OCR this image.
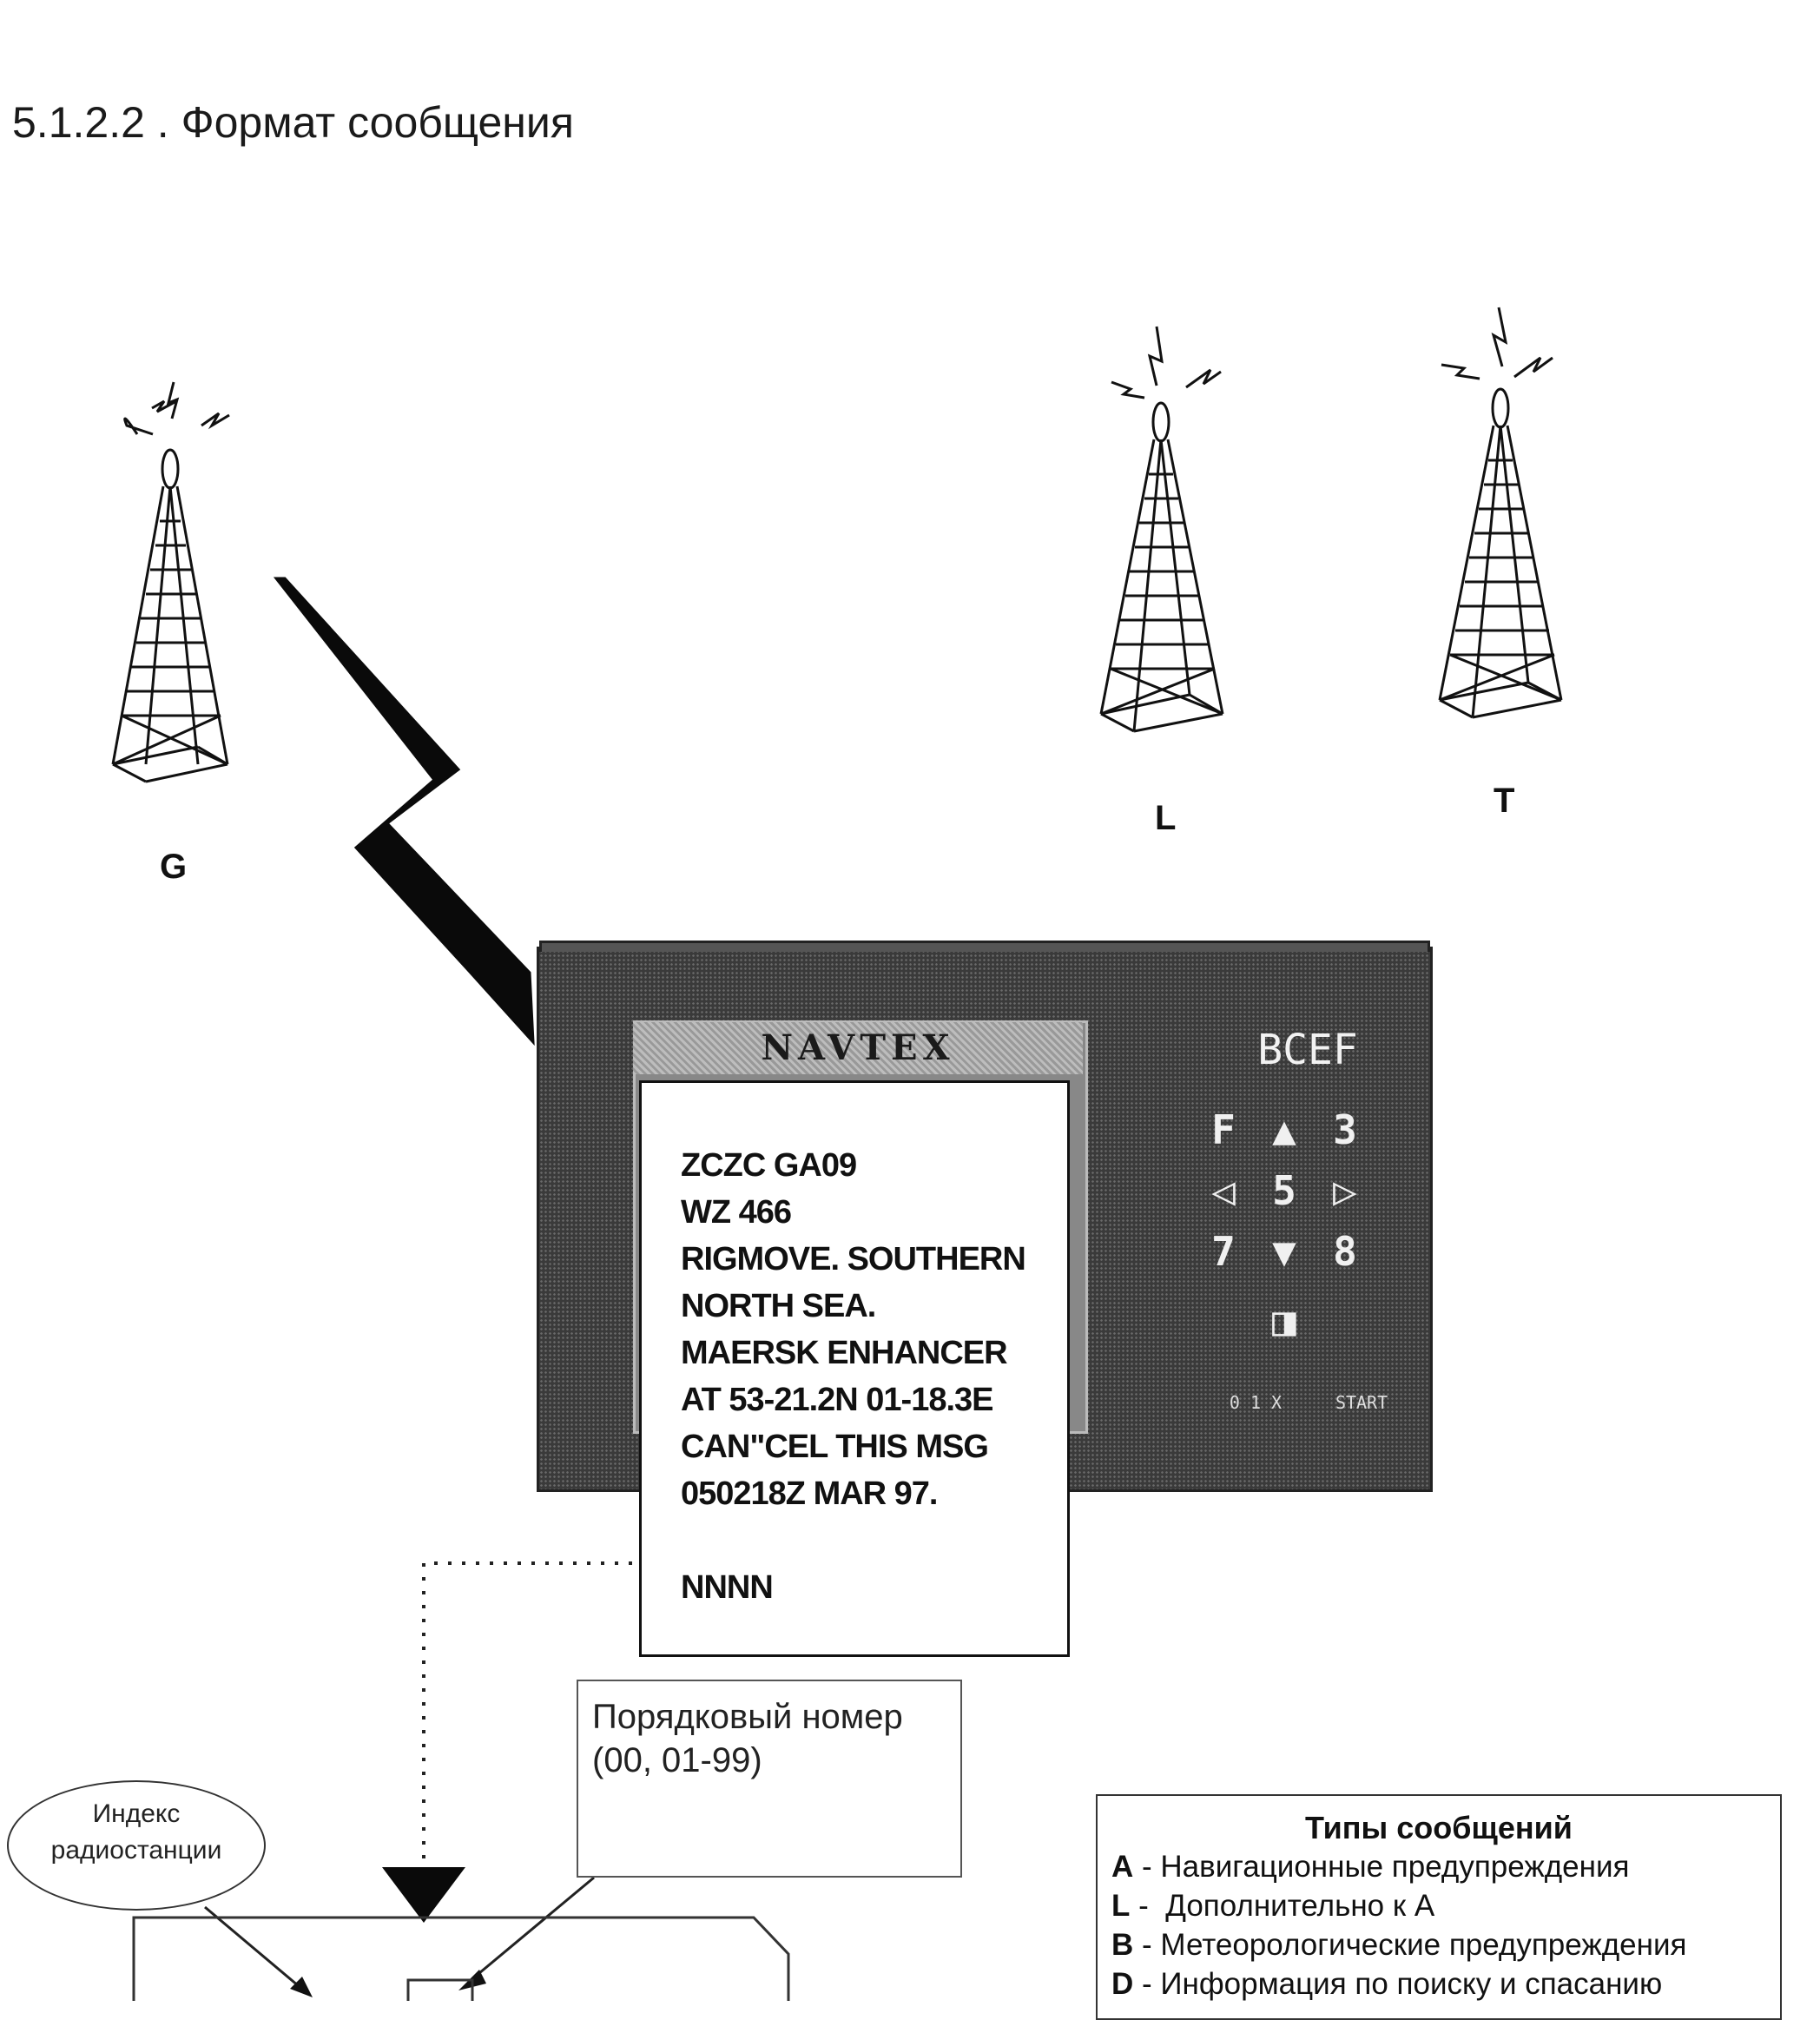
5.1.2.2 . Формат сообщения
G
L	T
NAVTEX	BCEF
F ▲ 3
◁ 5 ▷
7 ▼ 8
◨
0 1 X	START
ZCZC GA09
WZ 466
RIGMOVE. SOUTHERN
NORTH SEA.
MAERSK ENHANCER
AT 53-21.2N 01-18.3E
CAN"CEL THIS MSG
050218Z MAR 97.
NNNN
Порядковый номер
(00, 01-99)
Индекс
радиостанции
Типы сообщений
A - Навигационные предупреждения
L -  Дополнительно к A
B - Метеорологические предупреждения
D - Информация по поиску и спасанию
